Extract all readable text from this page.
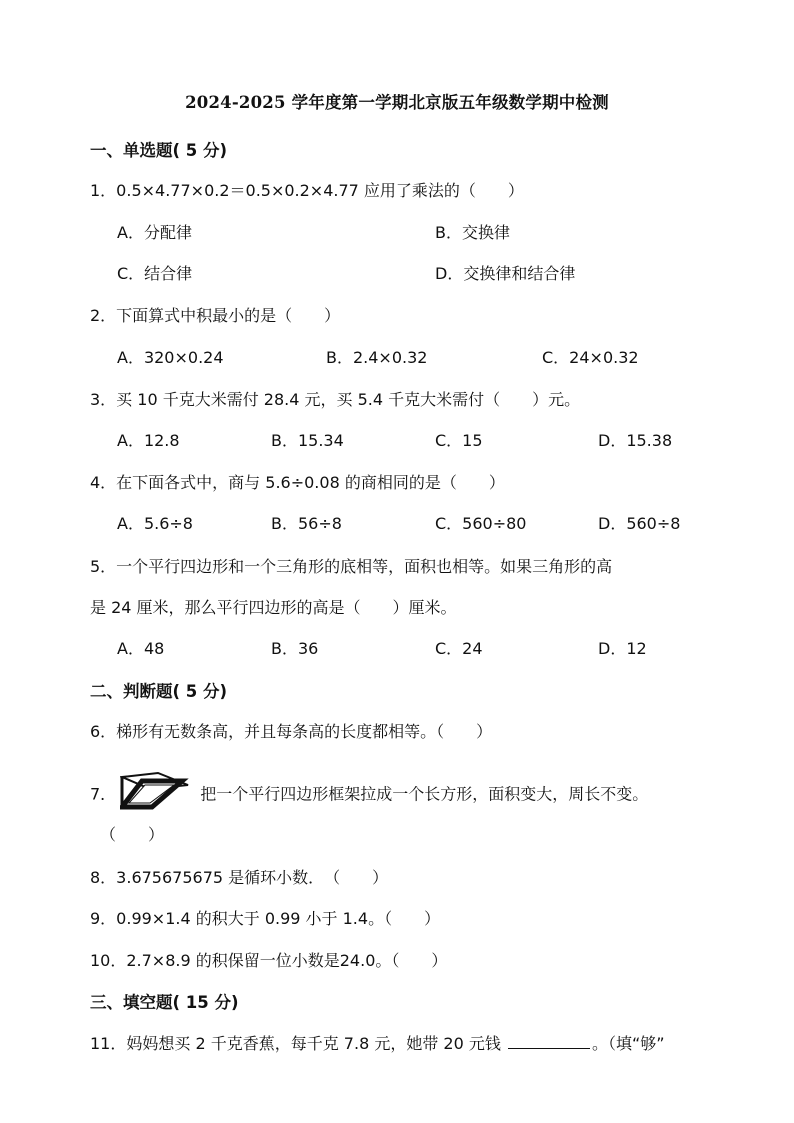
2024-2025 学年度第一学期北京版五年级数学期中检测
一、单选题( 5 分)
1．0.5×4.77×0.2＝0.5×0.2×4.77 应用了乘法的（　　）
A．分配律	B．交换律
C．结合律	D．交换律和结合律
2．下面算式中积最小的是（　　）
A．320×0.24	B．2.4×0.32	C．24×0.32
3．买 10 千克大米需付 28.4 元，买 5.4 千克大米需付（　　）元。
A．12.8	B．15.34	C．15	D．15.38
4．在下面各式中，商与 5.6÷0.08 的商相同的是（　　）
A．5.6÷8	B．56÷8	C．560÷80	D．560÷8
5．一个平行四边形和一个三角形的底相等，面积也相等。如果三角形的高
是 24 厘米，那么平行四边形的高是（　　）厘米。
A．48	B．36	C．24	D．12
二、判断题( 5 分)
6．梯形有无数条高，并且每条高的长度都相等。（　　）
7．	把一个平行四边形框架拉成一个长方形，面积变大，周长不变。
（　　）
8．3.675675675 是循环小数．　（　　）
9．0.99×1.4 的积大于 0.99 小于 1.4。（　　）
10．2.7×8.9 的积保留一位小数是24.0。（　　）
三、填空题( 15 分)
11．妈妈想买 2 千克香蕉，每千克 7.8 元，她带 20 元钱	。（填“够”
